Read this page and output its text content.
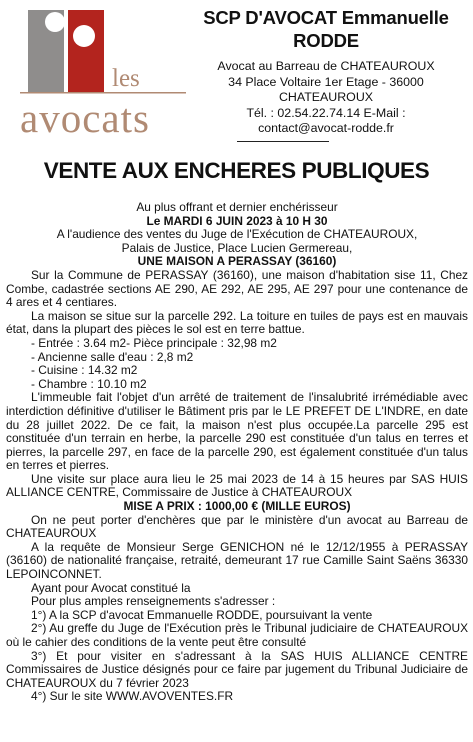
les
avocats
SCP D'AVOCAT Emmanuelle
RODDE
Avocat au Barreau de CHATEAUROUX
34 Place Voltaire 1er Etage - 36000
CHATEAUROUX
Tél. : 02.54.22.74.14 E-Mail :
contact@avocat-rodde.fr
VENTE AUX ENCHERES PUBLIQUES

Au plus offrant et dernier enchérisseur

Le MARDI 6 JUIN 2023 à 10 H 30

A l'audience des ventes du Juge de l'Exécution de CHATEAUROUX,

Palais de Justice, Place Lucien Germereau,

UNE MAISON A PERASSAY (36160)

Sur la Commune de PERASSAY (36160), une maison d'habitation sise 11, Chez Combe, cadastrée sections AE 290, AE 292, AE 295, AE 297 pour une contenance de 4 ares et 4 centiares.

La maison se situe sur la parcelle 292. La toiture en tuiles de pays est en mauvais état, dans la plupart des pièces le sol est en terre battue.

- Entrée : 3.64 m2- Pièce principale : 32,98 m2

- Ancienne salle d'eau : 2,8 m2

- Cuisine : 14.32 m2

- Chambre : 10.10 m2

L'immeuble fait l'objet d'un arrêté de traitement de l'insalubrité irrémédiable avec interdiction définitive d'utiliser le Bâtiment pris par le LE PREFET DE L'INDRE, en date du 28 juillet 2022. De ce fait, la maison n'est plus occupée.La parcelle 295 est constituée d'un terrain en herbe, la parcelle 290 est constituée d'un talus en terres et pierres, la parcelle 297, en face de la parcelle 290, est également constituée d'un talus en terres et pierres.

Une visite sur place aura lieu le 25 mai 2023 de 14 à 15 heures par SAS HUIS ALLIANCE CENTRE, Commissaire de Justice à CHATEAUROUX

MISE A PRIX : 1000,00 € (MILLE EUROS)

On ne peut porter d'enchères que par le ministère d'un avocat au Barreau de CHATEAUROUX

A la requête de Monsieur Serge GENICHON né le 12/12/1955 à PERASSAY (36160) de nationalité française, retraité, demeurant 17 rue Camille Saint Saëns 36330 LEPOINCONNET.

Ayant pour Avocat constitué la

Pour plus amples renseignements s'adresser :

1°) A la SCP d'avocat Emmanuelle RODDE, poursuivant la vente

2°) Au greffe du Juge de l'Exécution près le Tribunal judiciaire de CHATEAUROUX où le cahier des conditions de la vente peut être consulté

3°) Et pour visiter en s'adressant à la SAS HUIS ALLIANCE CENTRE Commissaires de Justice désignés pour ce faire par jugement du Tribunal Judiciaire de CHATEAUROUX du 7 février 2023

4°) Sur le site WWW.AVOVENTES.FR
